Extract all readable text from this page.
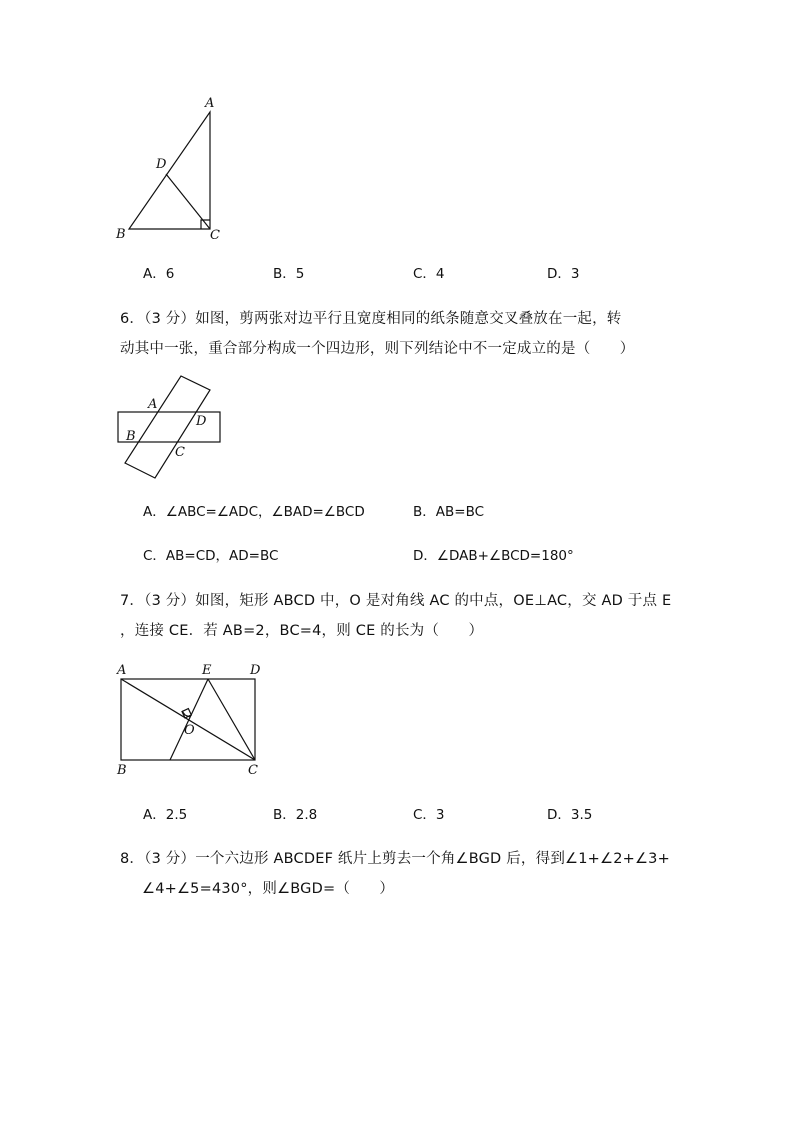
A
D
B	C
A．6	B．5	C．4	D．3
6．（3 分）如图，剪两张对边平行且宽度相同的纸条随意交叉叠放在一起，转
动其中一张，重合部分构成一个四边形，则下列结论中不一定成立的是（　　）
A
D
B
C
A．∠ABC=∠ADC，∠BAD=∠BCD	B．AB=BC
C．AB=CD，AD=BC	D．∠DAB+∠BCD=180°
7．（3 分）如图，矩形 ABCD 中，O 是对角线 AC 的中点，OE⊥AC，交 AD 于点 E
，连接 CE．若 AB=2，BC=4，则 CE 的长为（　　）
A	E	D
O
B	C
A．2.5	B．2.8	C．3	D．3.5
8．（3 分）一个六边形 ABCDEF 纸片上剪去一个角∠BGD 后，得到∠1+∠2+∠3+
∠4+∠5=430°，则∠BGD=（　　）
